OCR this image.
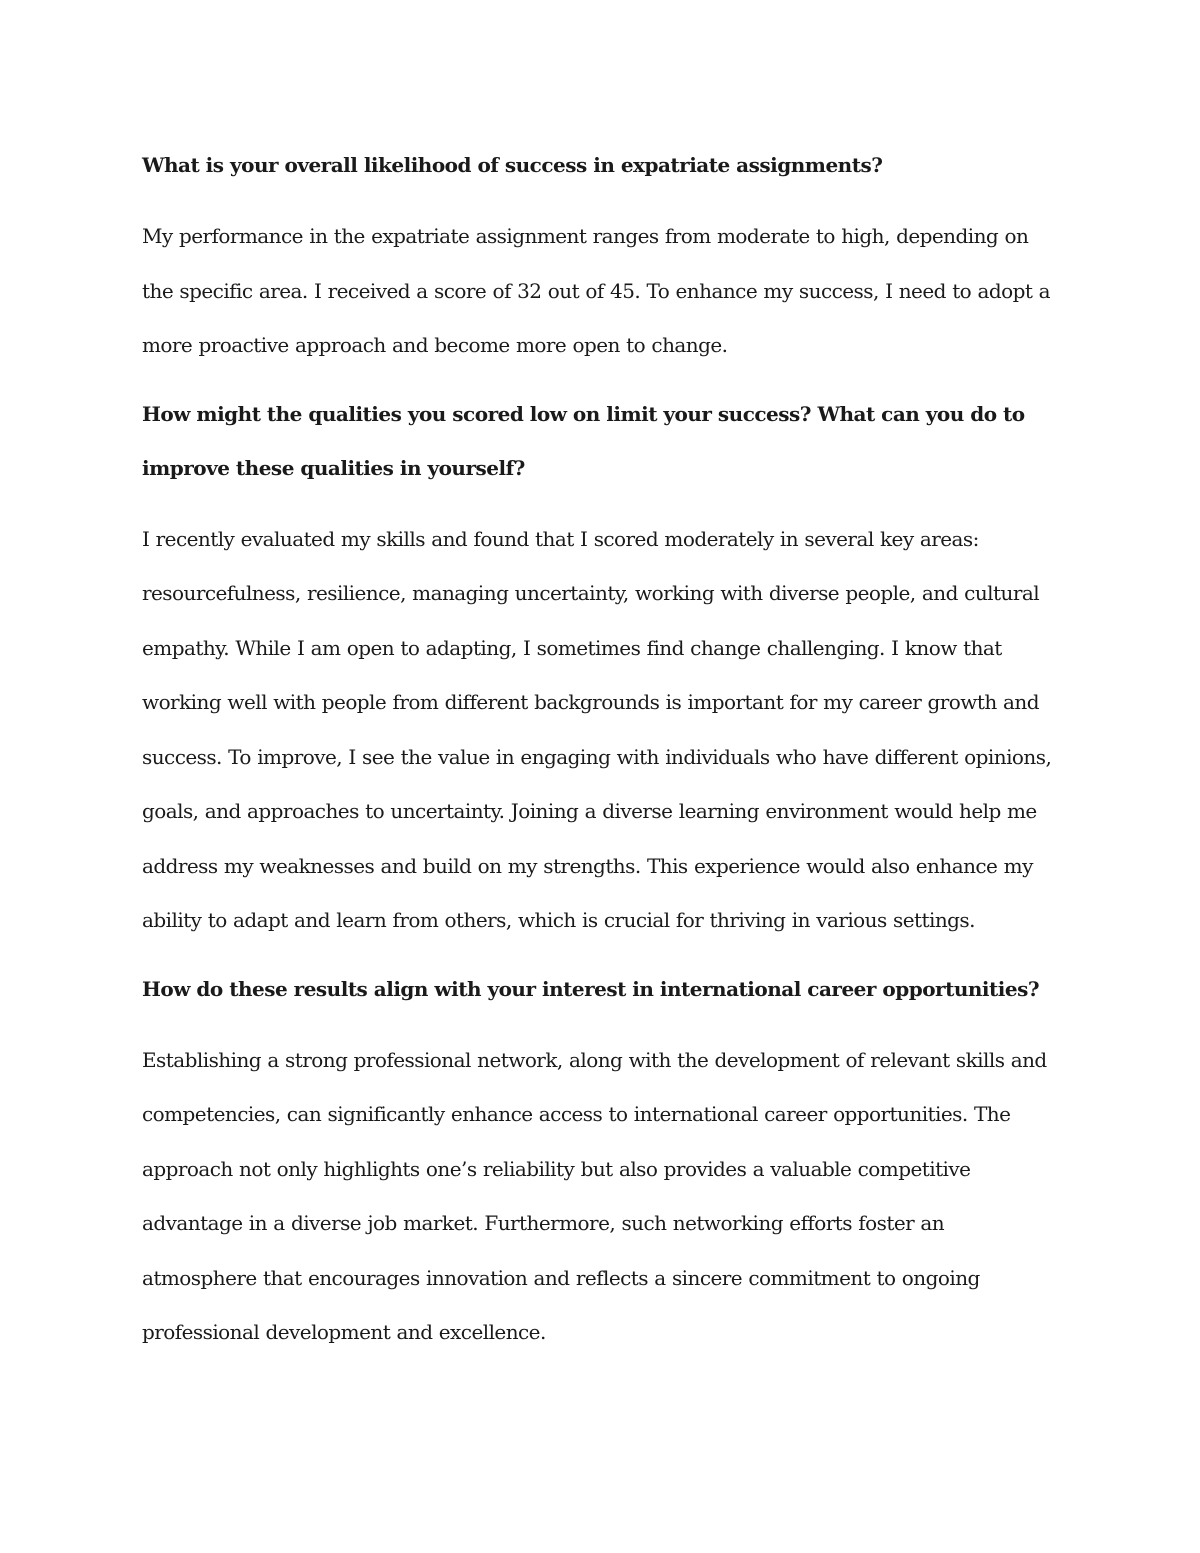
What is your overall likelihood of success in expatriate assignments?

My performance in the expatriate assignment ranges from moderate to high, depending on the specific area. I received a score of 32 out of 45. To enhance my success, I need to adopt a more proactive approach and become more open to change.

How might the qualities you scored low on limit your success? What can you do to improve these qualities in yourself?

I recently evaluated my skills and found that I scored moderately in several key areas: resourcefulness, resilience, managing uncertainty, working with diverse people, and cultural empathy. While I am open to adapting, I sometimes find change challenging. I know that working well with people from different backgrounds is important for my career growth and success. To improve, I see the value in engaging with individuals who have different opinions, goals, and approaches to uncertainty. Joining a diverse learning environment would help me address my weaknesses and build on my strengths. This experience would also enhance my ability to adapt and learn from others, which is crucial for thriving in various settings.

How do these results align with your interest in international career opportunities?

Establishing a strong professional network, along with the development of relevant skills and competencies, can significantly enhance access to international career opportunities. The approach not only highlights one’s reliability but also provides a valuable competitive advantage in a diverse job market. Furthermore, such networking efforts foster an atmosphere that encourages innovation and reflects a sincere commitment to ongoing professional development and excellence.
